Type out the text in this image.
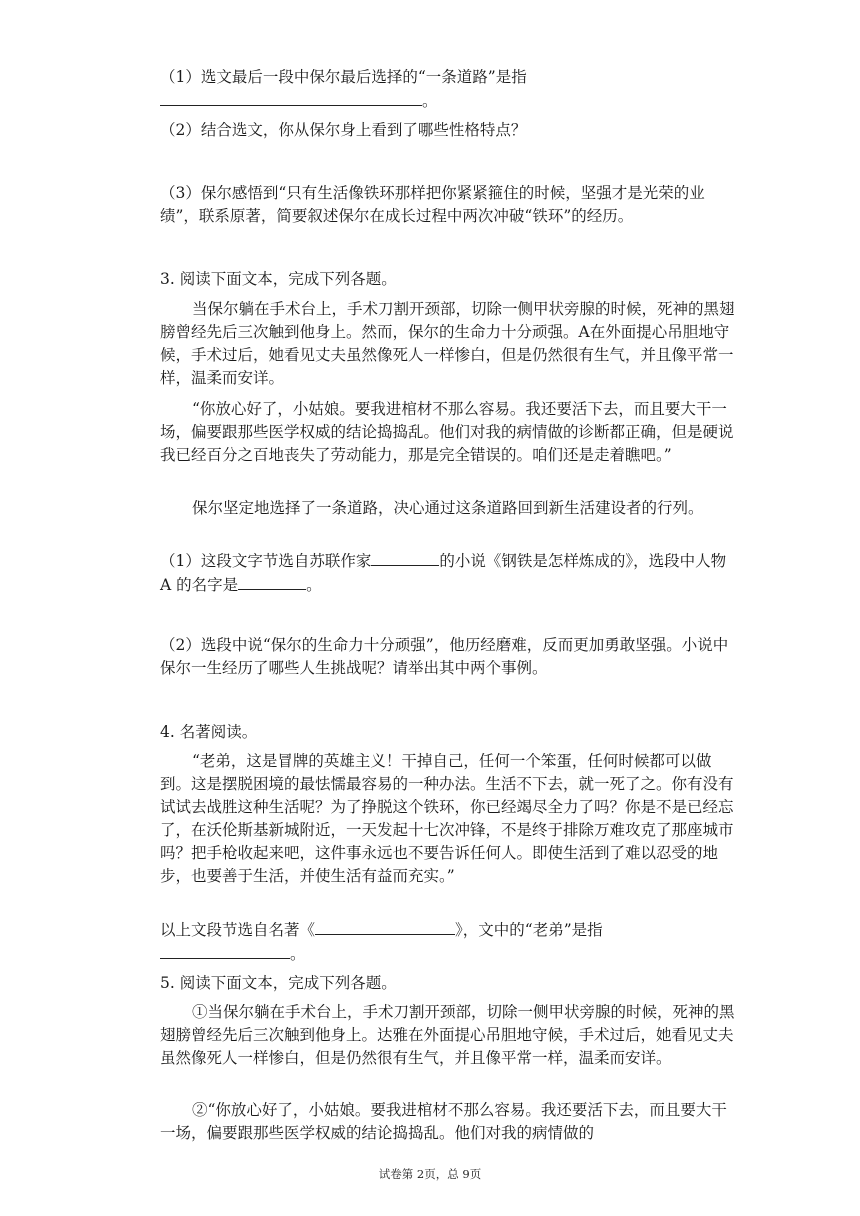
（1）选文最后一段中保尔最后选择的“一条道路”是指

。

（2）结合选文，你从保尔身上看到了哪些性格特点？

（3）保尔感悟到“只有生活像铁环那样把你紧紧箍住的时候，坚强才是光荣的业绩”，联系原著，简要叙述保尔在成长过程中两次冲破“铁环”的经历。

3. 阅读下面文本，完成下列各题。

当保尔躺在手术台上，手术刀割开颈部，切除一侧甲状旁腺的时候，死神的黑翅膀曾经先后三次触到他身上。然而，保尔的生命力十分顽强。A在外面提心吊胆地守候，手术过后，她看见丈夫虽然像死人一样惨白，但是仍然很有生气，并且像平常一样，温柔而安详。

“你放心好了，小姑娘。要我进棺材不那么容易。我还要活下去，而且要大干一场，偏要跟那些医学权威的结论捣捣乱。他们对我的病情做的诊断都正确，但是硬说我已经百分之百地丧失了劳动能力，那是完全错误的。咱们还是走着瞧吧。”

保尔坚定地选择了一条道路，决心通过这条道路回到新生活建设者的行列。

（1）这段文字节选自苏联作家	的小说《钢铁是怎样炼成的》，选段中人物 A 的名字是	。

（2）选段中说“保尔的生命力十分顽强”，他历经磨难，反而更加勇敢坚强。小说中保尔一生经历了哪些人生挑战呢？请举出其中两个事例。

4. 名著阅读。

“老弟，这是冒牌的英雄主义！干掉自己，任何一个笨蛋，任何时候都可以做到。这是摆脱困境的最怯懦最容易的一种办法。生活不下去，就一死了之。你有没有试试去战胜这种生活呢？为了挣脱这个铁环，你已经竭尽全力了吗？你是不是已经忘了，在沃伦斯基新城附近，一天发起十七次冲锋，不是终于排除万难攻克了那座城市吗？把手枪收起来吧，这件事永远也不要告诉任何人。即使生活到了难以忍受的地步，也要善于生活，并使生活有益而充实。”

以上文段节选自名著《	》，文中的“老弟”是指

。

5. 阅读下面文本，完成下列各题。

①当保尔躺在手术台上，手术刀割开颈部，切除一侧甲状旁腺的时候，死神的黑翅膀曾经先后三次触到他身上。达雅在外面提心吊胆地守候，手术过后，她看见丈夫虽然像死人一样惨白，但是仍然很有生气，并且像平常一样，温柔而安详。

②“你放心好了，小姑娘。要我进棺材不那么容易。我还要活下去，而且要大干一场，偏要跟那些医学权威的结论捣捣乱。他们对我的病情做的

试卷第 2页，总 9页
